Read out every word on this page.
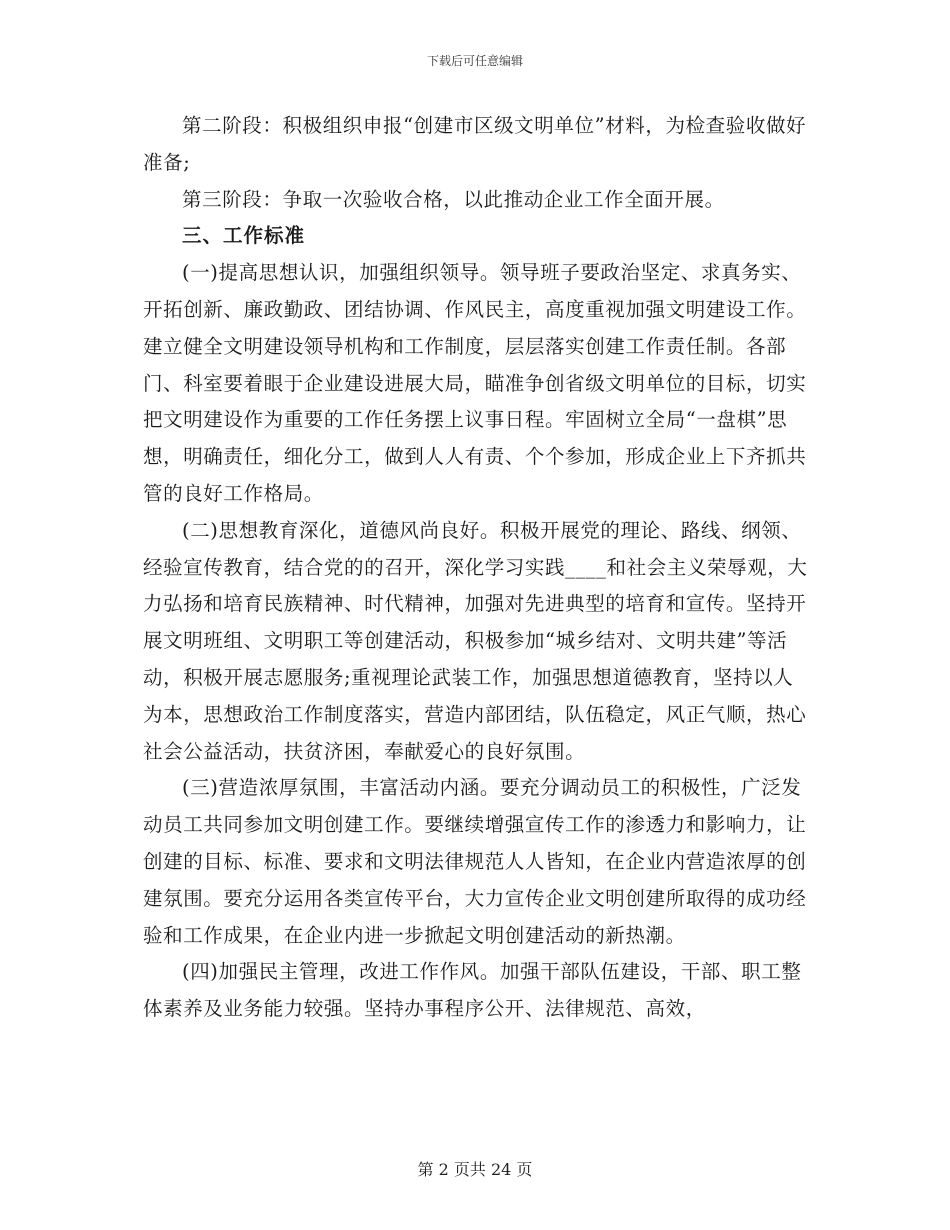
下载后可任意编辑

第二阶段：积极组织申报“创建市区级文明单位”材料，为检查验收做好准备;

第三阶段：争取一次验收合格，以此推动企业工作全面开展。

三、工作标准

(一)提高思想认识，加强组织领导。领导班子要政治坚定、求真务实、开拓创新、廉政勤政、团结协调、作风民主，高度重视加强文明建设工作。建立健全文明建设领导机构和工作制度，层层落实创建工作责任制。各部门、科室要着眼于企业建设进展大局，瞄准争创省级文明单位的目标，切实把文明建设作为重要的工作任务摆上议事日程。牢固树立全局“一盘棋”思想，明确责任，细化分工，做到人人有责、个个参加，形成企业上下齐抓共管的良好工作格局。

(二)思想教育深化，道德风尚良好。积极开展党的理论、路线、纲领、经验宣传教育，结合党的的召开，深化学习实践____和社会主义荣辱观，大力弘扬和培育民族精神、时代精神，加强对先进典型的培育和宣传。坚持开展文明班组、文明职工等创建活动，积极参加“城乡结对、文明共建”等活动，积极开展志愿服务;重视理论武装工作，加强思想道德教育，坚持以人为本，思想政治工作制度落实，营造内部团结，队伍稳定，风正气顺，热心社会公益活动，扶贫济困，奉献爱心的良好氛围。

(三)营造浓厚氛围，丰富活动内涵。要充分调动员工的积极性，广泛发动员工共同参加文明创建工作。要继续增强宣传工作的渗透力和影响力，让创建的目标、标准、要求和文明法律规范人人皆知，在企业内营造浓厚的创建氛围。要充分运用各类宣传平台，大力宣传企业文明创建所取得的成功经验和工作成果，在企业内进一步掀起文明创建活动的新热潮。

(四)加强民主管理，改进工作作风。加强干部队伍建设，干部、职工整体素养及业务能力较强。坚持办事程序公开、法律规范、高效，

第 2 页共 24 页
